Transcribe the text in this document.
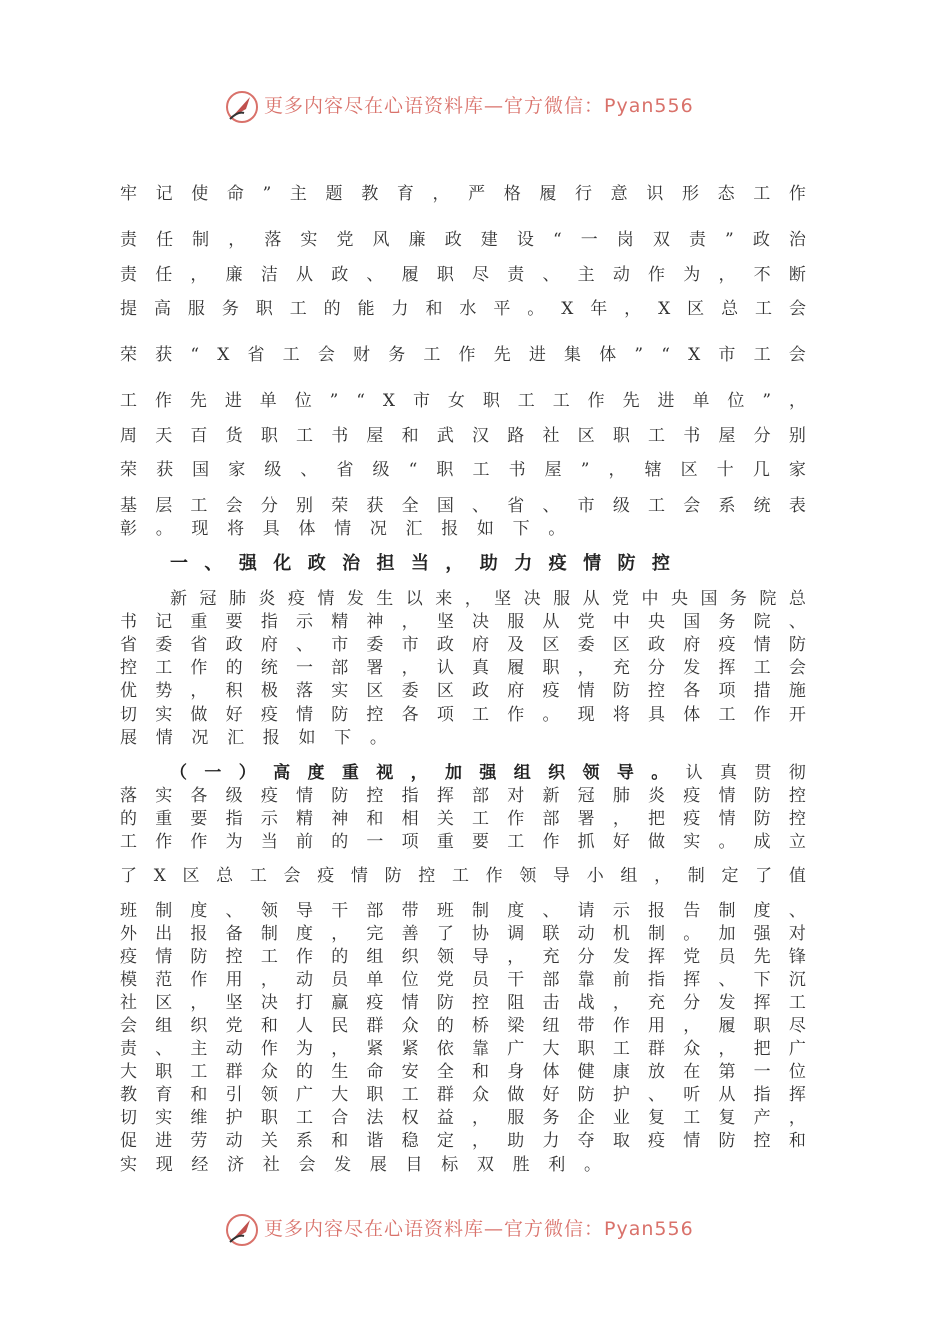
更多内容尽在心语资料库—官方微信：Pyan556
牢 记 使 命 ” 主 题 教 育 ， 严 格 履 行 意 识 形 态 工 作
责 任 制 ， 落 实 党 风 廉 政 建 设 “ 一 岗 双 责 ” 政 治
责 任 ， 廉 洁 从 政 、 履 职 尽 责 、 主 动 作 为 ， 不 断
提 高 服 务 职 工 的 能 力 和 水 平 。 X 年 ， X 区 总 工 会
荣 获 “ X 省 工 会 财 务 工 作 先 进 集 体 ” “ X 市 工 会
工 作 先 进 单 位 ” “ X 市 女 职 工 工 作 先 进 单 位 ” ，
周 天 百 货 职 工 书 屋 和 武 汉 路 社 区 职 工 书 屋 分 别
荣 获 国 家 级 、 省 级 “ 职 工 书 屋 ” ， 辖 区 十 几 家
基 层 工 会 分 别 荣 获 全 国 、 省 、 市 级 工 会 系 统 表
彰 。 现 将 具 体 情 况 汇 报 如 下 。
一 、 强 化 政 治 担 当 ， 助 力 疫 情 防 控
新 冠 肺 炎 疫 情 发 生 以 来 ， 坚 决 服 从 党 中 央 国 务 院 总
书 记 重 要 指 示 精 神 ， 坚 决 服 从 党 中 央 国 务 院 、
省 委 省 政 府 、 市 委 市 政 府 及 区 委 区 政 府 疫 情 防
控 工 作 的 统 一 部 署 ， 认 真 履 职 ， 充 分 发 挥 工 会
优 势 ， 积 极 落 实 区 委 区 政 府 疫 情 防 控 各 项 措 施
切 实 做 好 疫 情 防 控 各 项 工 作 。 现 将 具 体 工 作 开
展 情 况 汇 报 如 下 。
（ 一 ） 高 度 重 视 ， 加 强 组 织 领 导 。 认 真 贯 彻
落 实 各 级 疫 情 防 控 指 挥 部 对 新 冠 肺 炎 疫 情 防 控
的 重 要 指 示 精 神 和 相 关 工 作 部 署 ， 把 疫 情 防 控
工 作 作 为 当 前 的 一 项 重 要 工 作 抓 好 做 实 。 成 立
了 X 区 总 工 会 疫 情 防 控 工 作 领 导 小 组 ， 制 定 了 值
班 制 度 、 领 导 干 部 带 班 制 度 、 请 示 报 告 制 度 、
外 出 报 备 制 度 ， 完 善 了 协 调 联 动 机 制 。 加 强 对
疫 情 防 控 工 作 的 组 织 领 导 ， 充 分 发 挥 党 员 先 锋
模 范 作 用 ， 动 员 单 位 党 员 干 部 靠 前 指 挥 、 下 沉
社 区 ， 坚 决 打 赢 疫 情 防 控 阻 击 战 ， 充 分 发 挥 工
会 组 织 党 和 人 民 群 众 的 桥 梁 纽 带 作 用 ， 履 职 尽
责 、 主 动 作 为 ， 紧 紧 依 靠 广 大 职 工 群 众 ， 把 广
大 职 工 群 众 的 生 命 安 全 和 身 体 健 康 放 在 第 一 位
教 育 和 引 领 广 大 职 工 群 众 做 好 防 护 、 听 从 指 挥
切 实 维 护 职 工 合 法 权 益 ， 服 务 企 业 复 工 复 产 ，
促 进 劳 动 关 系 和 谐 稳 定 ， 助 力 夺 取 疫 情 防 控 和
实 现 经 济 社 会 发 展 目 标 双 胜 利 。
更多内容尽在心语资料库—官方微信：Pyan556
